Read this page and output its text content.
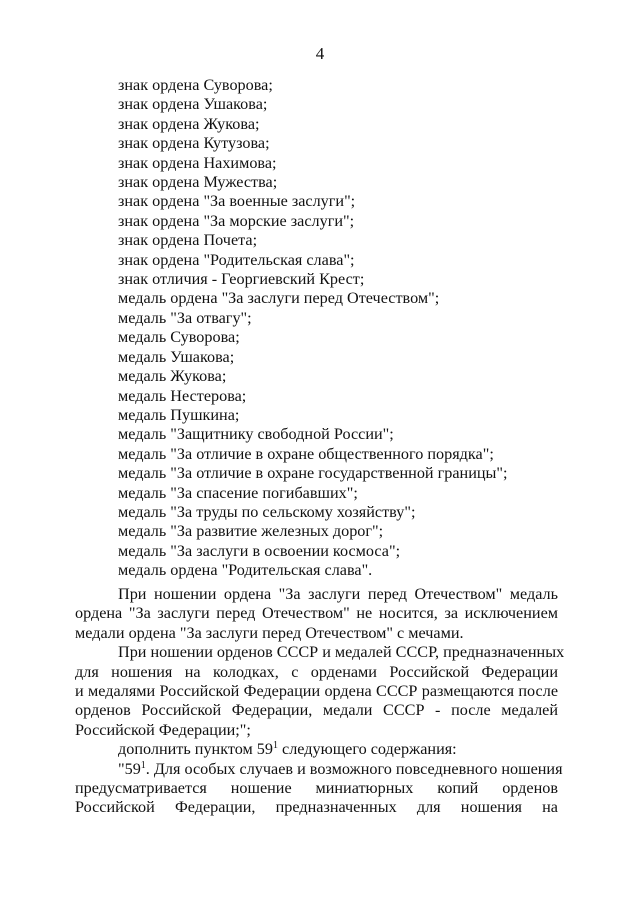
4
знак ордена Суворова;
знак ордена Ушакова;
знак ордена Жукова;
знак ордена Кутузова;
знак ордена Нахимова;
знак ордена Мужества;
знак ордена "За военные заслуги";
знак ордена "За морские заслуги";
знак ордена Почета;
знак ордена "Родительская слава";
знак отличия - Георгиевский Крест;
медаль ордена "За заслуги перед Отечеством";
медаль "За отвагу";
медаль Суворова;
медаль Ушакова;
медаль Жукова;
медаль Нестерова;
медаль Пушкина;
медаль "Защитнику свободной России";
медаль "За отличие в охране общественного порядка";
медаль "За отличие в охране государственной границы";
медаль "За спасение погибавших";
медаль "За труды по сельскому хозяйству";
медаль "За развитие железных дорог";
медаль "За заслуги в освоении космоса";
медаль ордена "Родительская слава".
При ношении ордена "За заслуги перед Отечеством" медаль
ордена "За заслуги перед Отечеством" не носится, за исключением
медали ордена "За заслуги перед Отечеством" с мечами.
При ношении орденов СССР и медалей СССР, предназначенных
для ношения на колодках, с орденами Российской Федерации
и медалями Российской Федерации ордена СССР размещаются после
орденов Российской Федерации, медали СССР - после медалей
Российской Федерации;";
дополнить пунктом $59^1$ следующего содержания:
"$59^1$. Для особых случаев и возможного повседневного ношения
предусматривается ношение миниатюрных копий орденов
Российской Федерации, предназначенных для ношения на
